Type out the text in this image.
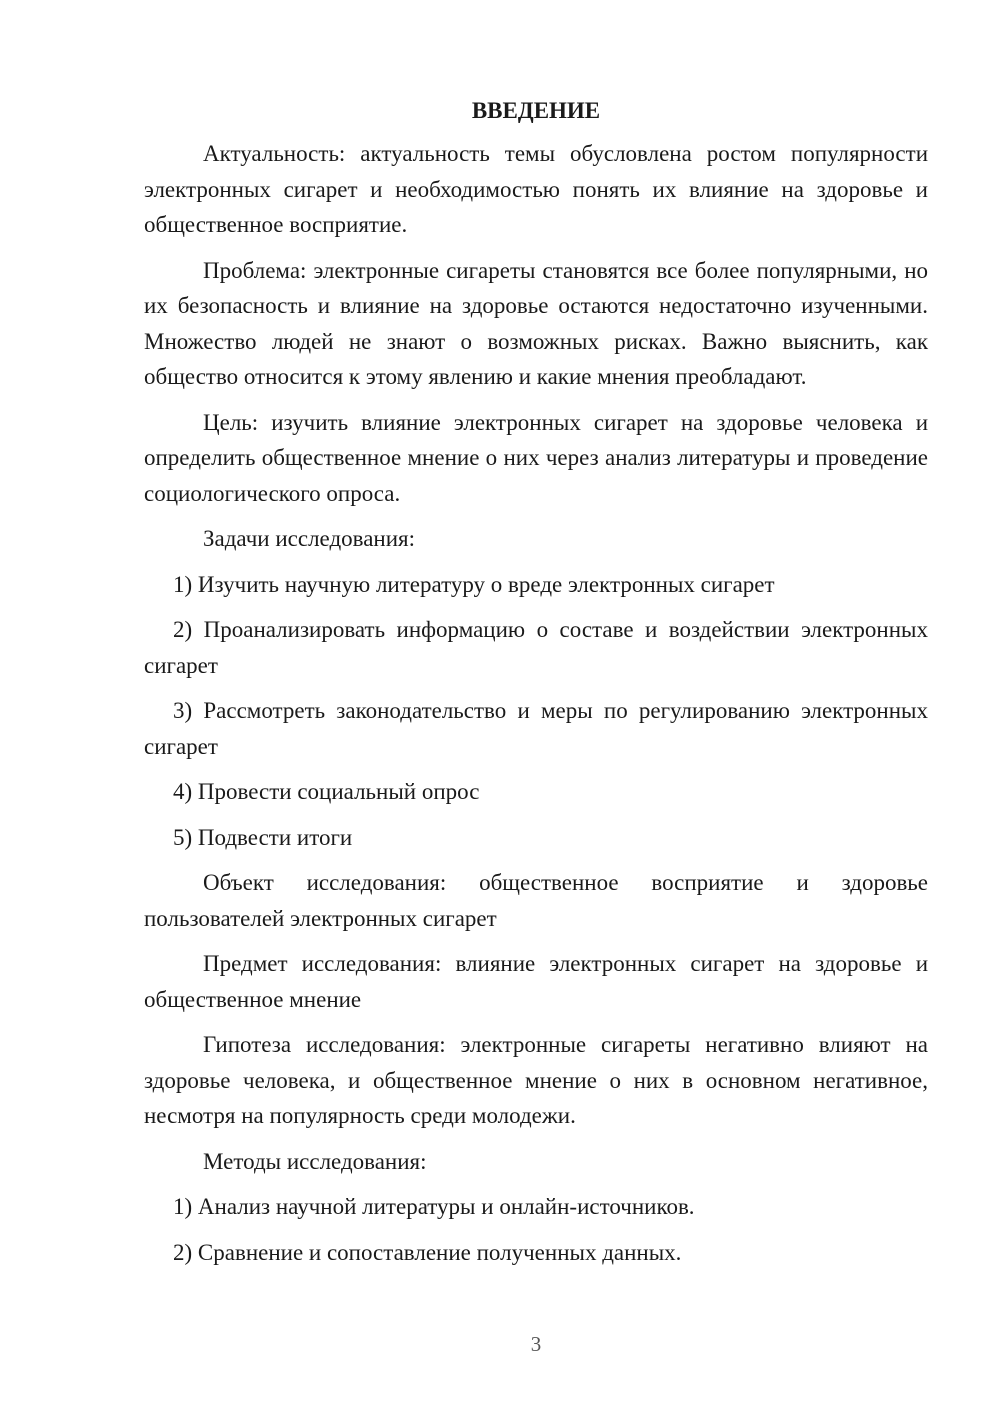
ВВЕДЕНИЕ
Актуальность: актуальность темы обусловлена ростом популярности электронных сигарет и необходимостью понять их влияние на здоровье и общественное восприятие.
Проблема: электронные сигареты становятся все более популярными, но их безопасность и влияние на здоровье остаются недостаточно изученными. Множество людей не знают о возможных рисках. Важно выяснить, как общество относится к этому явлению и какие мнения преобладают.
Цель: изучить влияние электронных сигарет на здоровье человека и определить общественное мнение о них через анализ литературы и проведение социологического опроса.
Задачи исследования:
1) Изучить научную литературу о вреде электронных сигарет
2) Проанализировать информацию о составе и воздействии электронных сигарет
3) Рассмотреть законодательство и меры по регулированию электронных сигарет
4) Провести социальный опрос
5) Подвести итоги
Объект исследования: общественное восприятие и здоровье пользователей электронных сигарет
Предмет исследования: влияние электронных сигарет на здоровье и общественное мнение
Гипотеза исследования: электронные сигареты негативно влияют на здоровье человека, и общественное мнение о них в основном негативное, несмотря на популярность среди молодежи.
Методы исследования:
1) Анализ научной литературы и онлайн-источников.
2) Сравнение и сопоставление полученных данных.
3
